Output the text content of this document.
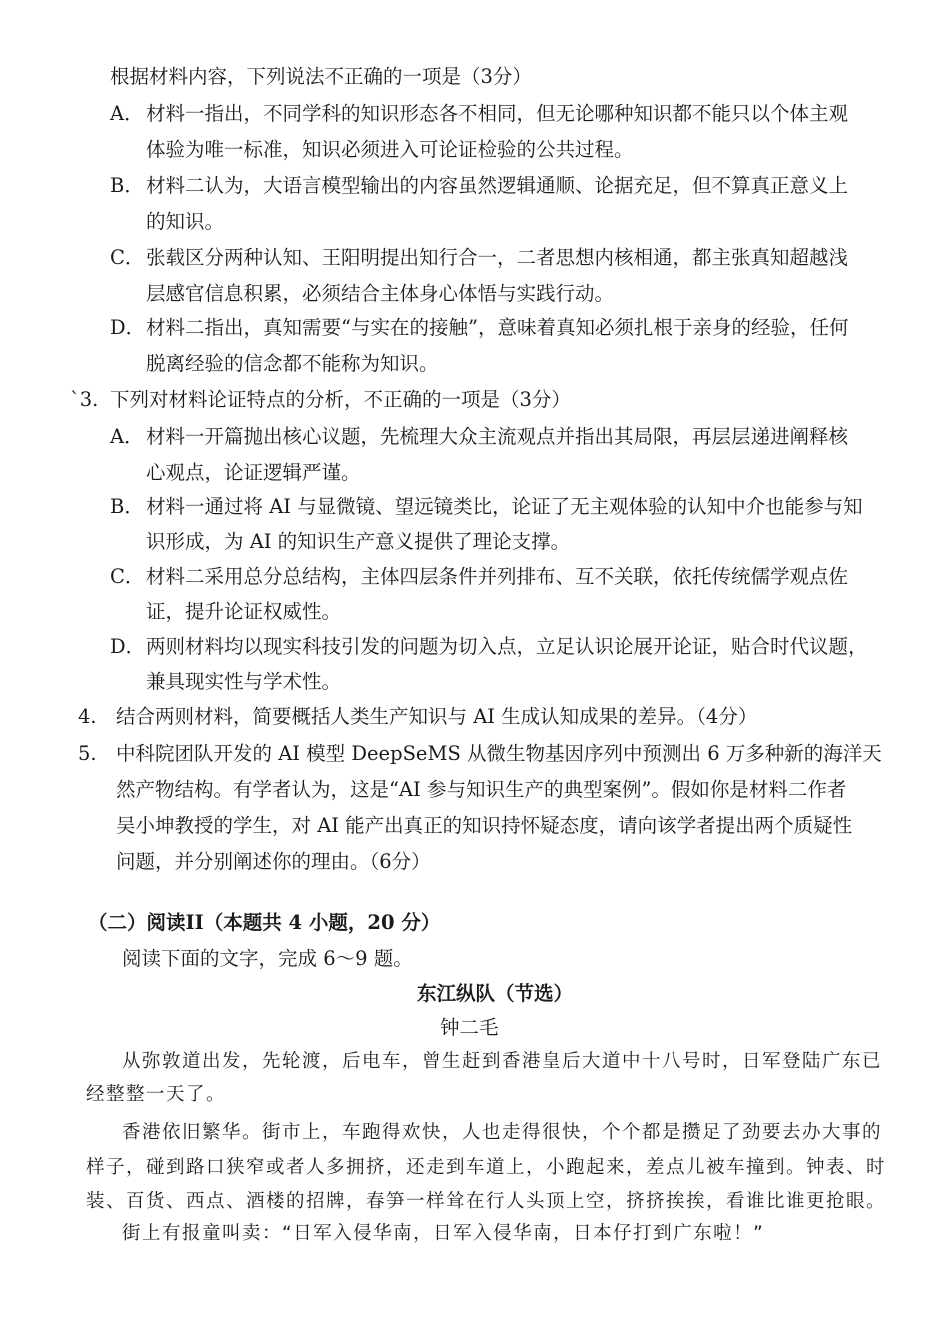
根据材料内容，下列说法不正确的一项是（3分）
A． 材料一指出，不同学科的知识形态各不相同，但无论哪种知识都不能只以个体主观
体验为唯一标准，知识必须进入可论证检验的公共过程。
B． 材料二认为，大语言模型输出的内容虽然逻辑通顺、论据充足，但不算真正意义上
的知识。
C． 张载区分两种认知、王阳明提出知行合一，二者思想内核相通，都主张真知超越浅
层感官信息积累，必须结合主体身心体悟与实践行动。
D． 材料二指出，真知需要“与实在的接触”，意味着真知必须扎根于亲身的经验，任何
脱离经验的信念都不能称为知识。
`3. 下列对材料论证特点的分析，不正确的一项是（3分）
A． 材料一开篇抛出核心议题，先梳理大众主流观点并指出其局限，再层层递进阐释核
心观点，论证逻辑严谨。
B． 材料一通过将 AI 与显微镜、望远镜类比，论证了无主观体验的认知中介也能参与知
识形成，为 AI 的知识生产意义提供了理论支撑。
C． 材料二采用总分总结构，主体四层条件并列排布、互不关联，依托传统儒学观点佐
证，提升论证权威性。
D． 两则材料均以现实科技引发的问题为切入点，立足认识论展开论证，贴合时代议题，
兼具现实性与学术性。
4. 结合两则材料，简要概括人类生产知识与 AI 生成认知成果的差异。（4分）
5. 中科院团队开发的 AI 模型 DeepSeMS 从微生物基因序列中预测出 6 万多种新的海洋天
然产物结构。有学者认为，这是“AI 参与知识生产的典型案例”。假如你是材料二作者
吴小坤教授的学生，对 AI 能产出真正的知识持怀疑态度，请向该学者提出两个质疑性
问题，并分别阐述你的理由。（6分）
（二）阅读II（本题共 4 小题，20 分）
阅读下面的文字，完成 6～9 题。
东江纵队（节选）
钟二毛
从弥敦道出发，先轮渡，后电车，曾生赶到香港皇后大道中十八号时，日军登陆广东已
经整整一天了。
香港依旧繁华。街市上，车跑得欢快，人也走得很快，个个都是攒足了劲要去办大事的
样子，碰到路口狭窄或者人多拥挤，还走到车道上，小跑起来，差点儿被车撞到。钟表、时
装、百货、西点、酒楼的招牌，春笋一样耸在行人头顶上空，挤挤挨挨，看谁比谁更抢眼。
街上有报童叫卖：“日军入侵华南，日军入侵华南，日本仔打到广东啦！”
